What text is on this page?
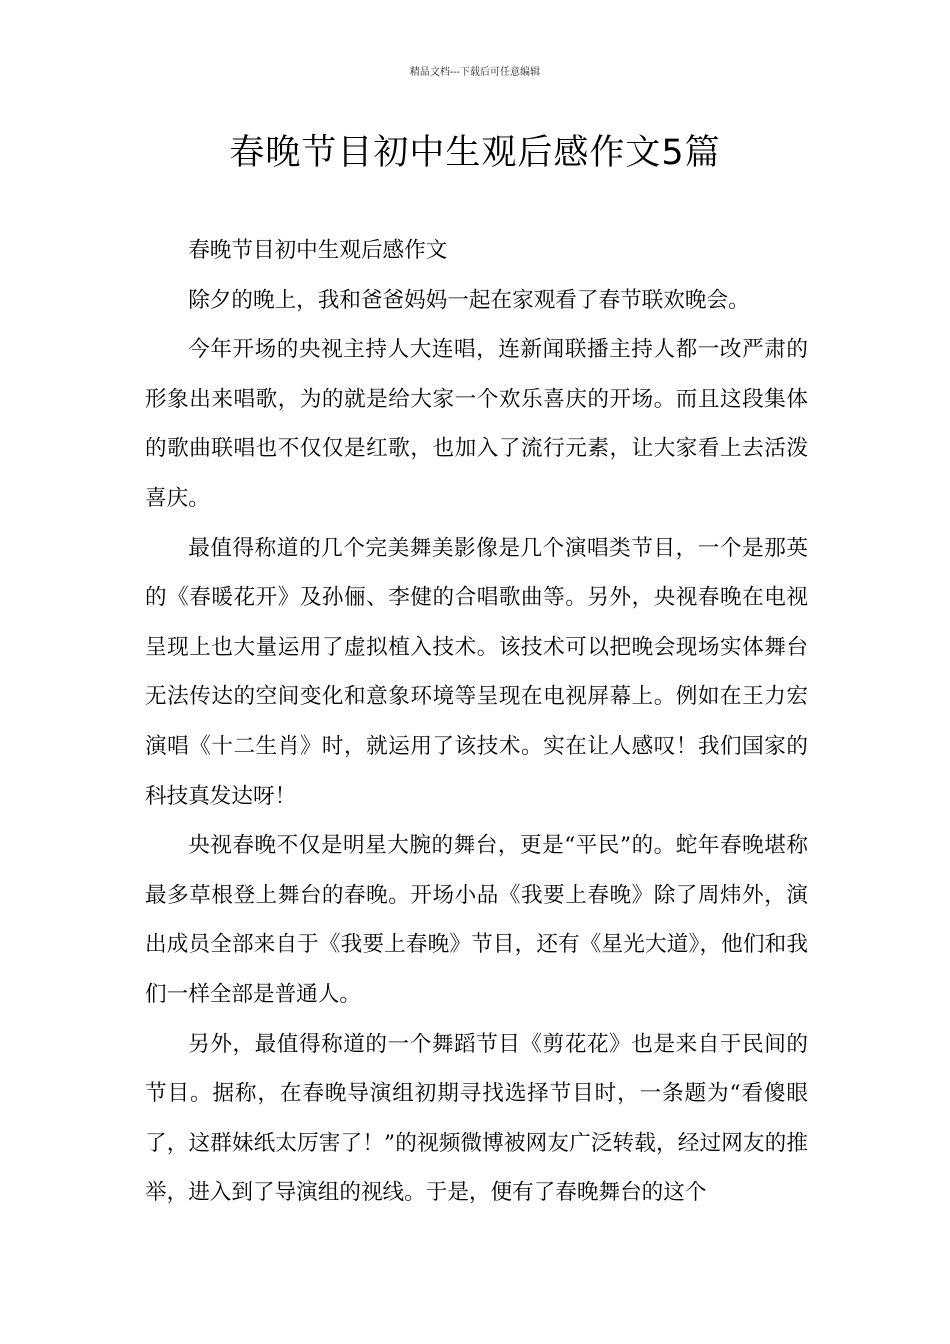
精品文档---下载后可任意编辑
春晚节目初中生观后感作文5篇

春晚节目初中生观后感作文

除夕的晚上，我和爸爸妈妈一起在家观看了春节联欢晚会。

今年开场的央视主持人大连唱，连新闻联播主持人都一改严肃的形象出来唱歌，为的就是给大家一个欢乐喜庆的开场。而且这段集体的歌曲联唱也不仅仅是红歌，也加入了流行元素，让大家看上去活泼喜庆。

最值得称道的几个完美舞美影像是几个演唱类节目，一个是那英的《春暖花开》及孙俪、李健的合唱歌曲等。另外，央视春晚在电视呈现上也大量运用了虚拟植入技术。该技术可以把晚会现场实体舞台无法传达的空间变化和意象环境等呈现在电视屏幕上。例如在王力宏演唱《十二生肖》时，就运用了该技术。实在让人感叹！我们国家的科技真发达呀！

央视春晚不仅是明星大腕的舞台，更是“平民”的。蛇年春晚堪称最多草根登上舞台的春晚。开场小品《我要上春晚》除了周炜外，演出成员全部来自于《我要上春晚》节目，还有《星光大道》，他们和我们一样全部是普通人。

另外，最值得称道的一个舞蹈节目《剪花花》也是来自于民间的节目。据称，在春晚导演组初期寻找选择节目时，一条题为“看傻眼了，这群妹纸太厉害了！”的视频微博被网友广泛转载，经过网友的推举，进入到了导演组的视线。于是，便有了春晚舞台的这个
